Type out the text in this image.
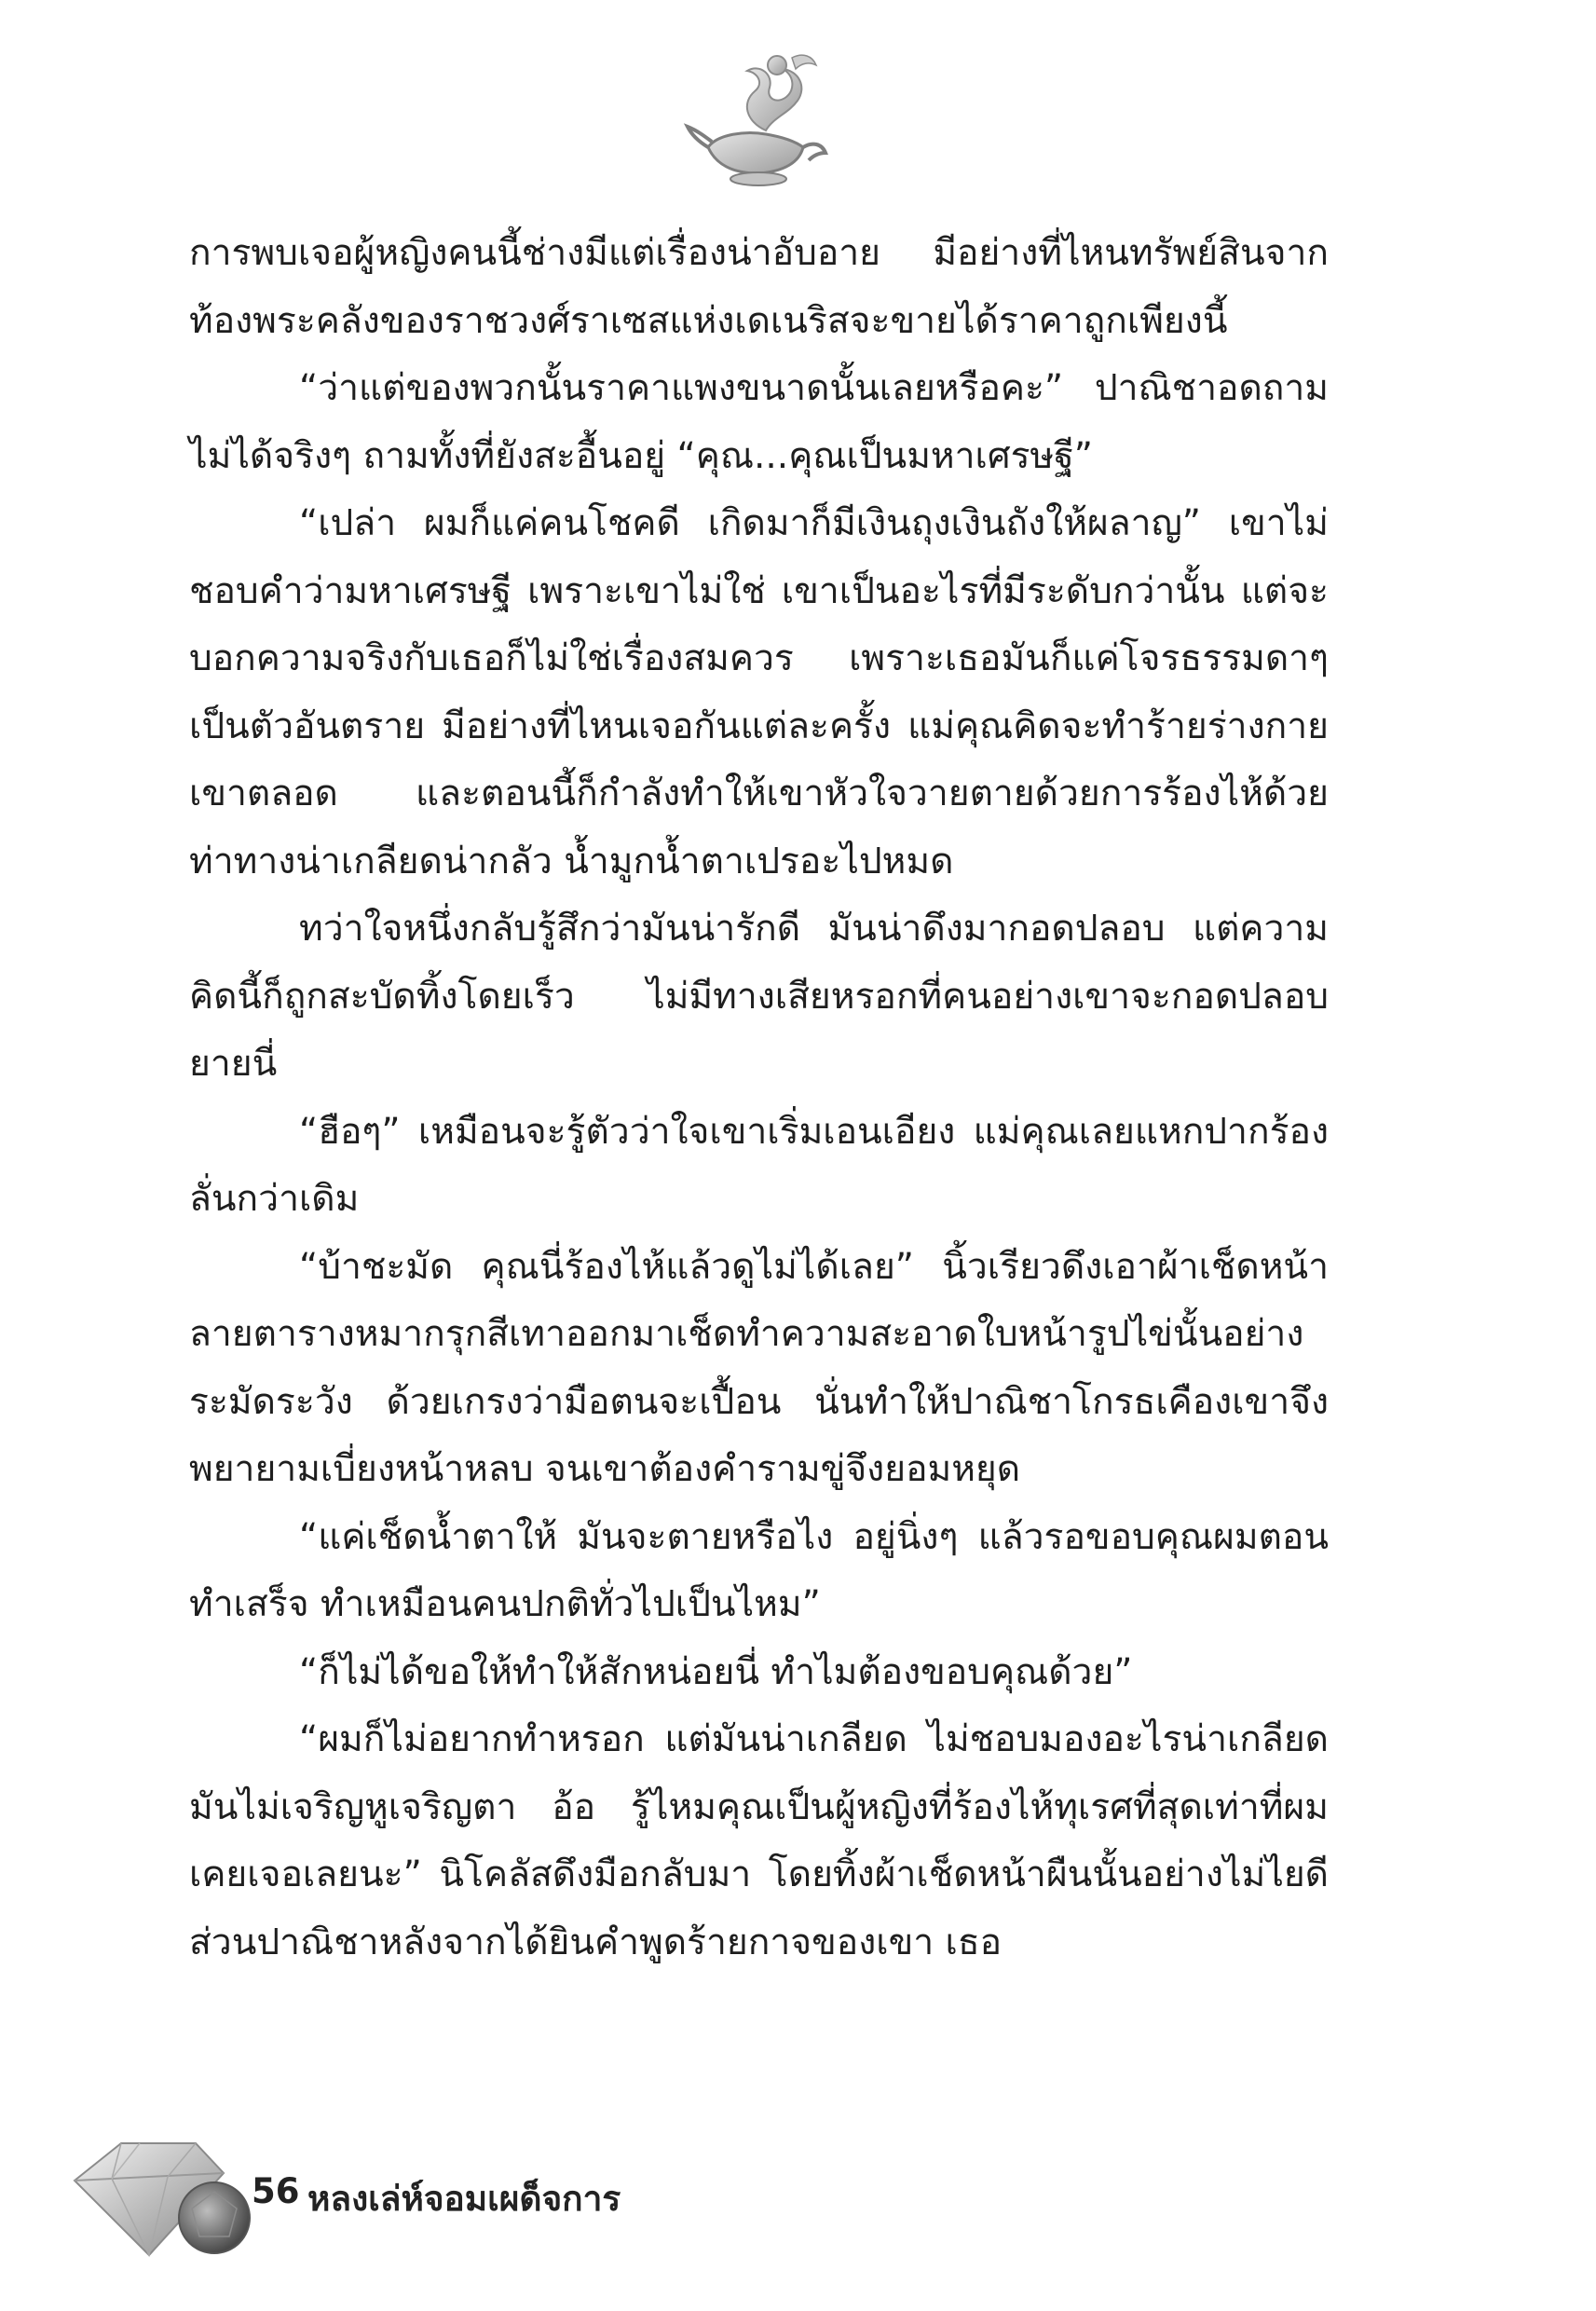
การพบเจอผู้หญิงคนนี้ช่างมีแต่เรื่องน่าอับอาย มีอย่างที่ไหนทรัพย์สินจากท้องพระคลังของราชวงศ์ราเซสแห่งเดเนริสจะขายได้ราคาถูกเพียงนี้

“ว่าแต่ของพวกนั้นราคาแพงขนาดนั้นเลยหรือคะ” ปาณิชาอดถามไม่ได้จริงๆ ถามทั้งที่ยังสะอื้นอยู่ “คุณ...คุณเป็นมหาเศรษฐี”

“เปล่า ผมก็แค่คนโชคดี เกิดมาก็มีเงินถุงเงินถังให้ผลาญ” เขาไม่ชอบคำว่ามหาเศรษฐี เพราะเขาไม่ใช่ เขาเป็นอะไรที่มีระดับกว่านั้น แต่จะบอกความจริงกับเธอก็ไม่ใช่เรื่องสมควร เพราะเธอมันก็แค่โจรธรรมดาๆ เป็นตัวอันตราย มีอย่างที่ไหนเจอกันแต่ละครั้ง แม่คุณคิดจะทำร้ายร่างกายเขาตลอด และตอนนี้ก็กำลังทำให้เขาหัวใจวายตายด้วยการร้องไห้ด้วยท่าทางน่าเกลียดน่ากลัว น้ำมูกน้ำตาเปรอะไปหมด

ทว่าใจหนึ่งกลับรู้สึกว่ามันน่ารักดี มันน่าดึงมากอดปลอบ แต่ความคิดนี้ก็ถูกสะบัดทิ้งโดยเร็ว ไม่มีทางเสียหรอกที่คนอย่างเขาจะกอดปลอบยายนี่

“ฮือๆ” เหมือนจะรู้ตัวว่าใจเขาเริ่มเอนเอียง แม่คุณเลยแหกปากร้องลั่นกว่าเดิม

“บ้าชะมัด คุณนี่ร้องไห้แล้วดูไม่ได้เลย” นิ้วเรียวดึงเอาผ้าเช็ดหน้าลายตารางหมากรุกสีเทาออกมาเช็ดทำความสะอาดใบหน้ารูปไข่นั้นอย่างระมัดระวัง ด้วยเกรงว่ามือตนจะเปื้อน นั่นทำให้ปาณิชาโกรธเคืองเขาจึงพยายามเบี่ยงหน้าหลบ จนเขาต้องคำรามขู่จึงยอมหยุด

“แค่เช็ดน้ำตาให้ มันจะตายหรือไง อยู่นิ่งๆ แล้วรอขอบคุณผมตอนทำเสร็จ ทำเหมือนคนปกติทั่วไปเป็นไหม”

“ก็ไม่ได้ขอให้ทำให้สักหน่อยนี่ ทำไมต้องขอบคุณด้วย”

“ผมก็ไม่อยากทำหรอก แต่มันน่าเกลียด ไม่ชอบมองอะไรน่าเกลียด มันไม่เจริญหูเจริญตา อ้อ รู้ไหมคุณเป็นผู้หญิงที่ร้องไห้ทุเรศที่สุดเท่าที่ผมเคยเจอเลยนะ” นิโคลัสดึงมือกลับมา โดยทิ้งผ้าเช็ดหน้าผืนนั้นอย่างไม่ไยดี ส่วนปาณิชาหลังจากได้ยินคำพูดร้ายกาจของเขา เธอ

56 หลงเล่ห์จอมเผด็จการ
